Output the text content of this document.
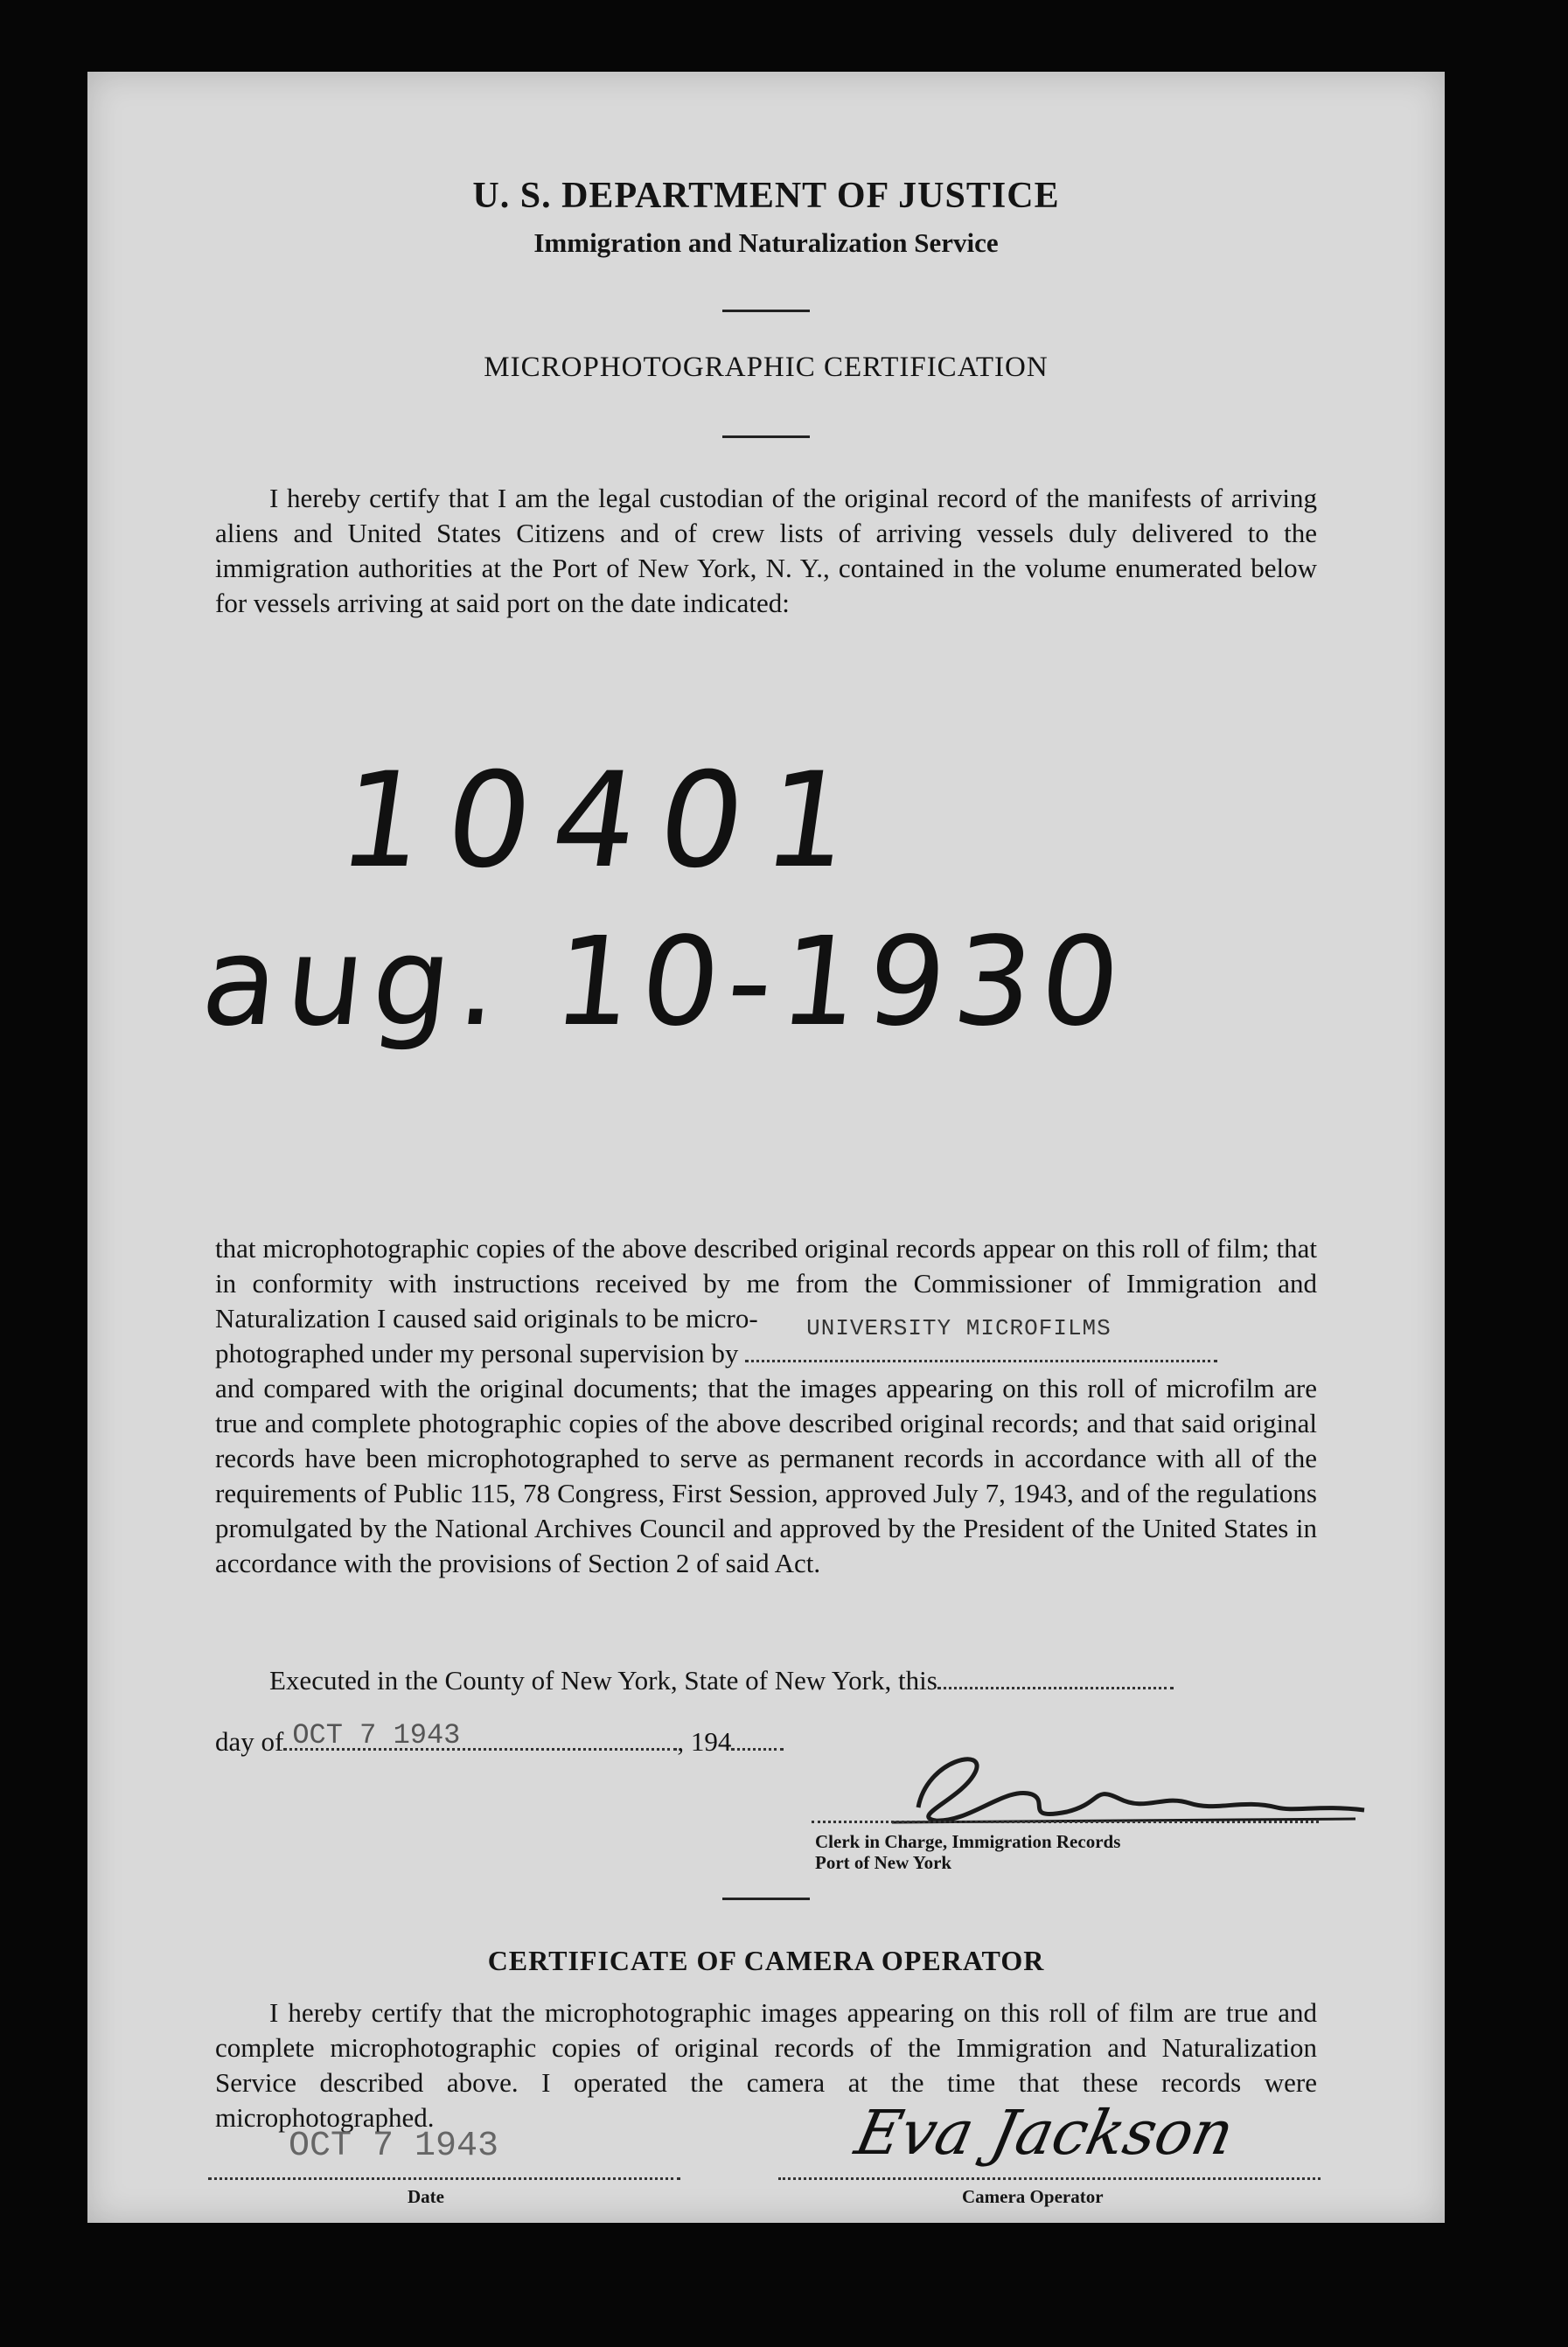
U. S. DEPARTMENT OF JUSTICE
Immigration and Naturalization Service
MICROPHOTOGRAPHIC CERTIFICATION
I hereby certify that I am the legal custodian of the original record of the manifests of arriving aliens and United States Citizens and of crew lists of arriving vessels duly delivered to the immigration authorities at the Port of New York, N. Y., contained in the volume enumerated below for vessels arriving at said port on the date indicated:
10401
aug. 10-1930
that microphotographic copies of the above described original records appear on this roll of film; that in conformity with instructions received by me from the Commissioner of Immigration and Naturalization I caused said originals to be micro-
photographed under my personal supervision by
UNIVERSITY MICROFILMS
and compared with the original documents; that the images appearing on this roll of microfilm are true and complete photographic copies of the above described original records; and that said original records have been microphotographed to serve as permanent records in accordance with all of the requirements of Public 115, 78 Congress, First Session, approved July 7, 1943, and of the regulations promulgated by the National Archives Council and approved by the President of the United States in accordance with the provisions of Section 2 of said Act.
Executed in the County of New York, State of New York, this
day of OCT 7 1943	, 194
Clerk in Charge, Immigration Records
Port of New York
CERTIFICATE OF CAMERA OPERATOR
I hereby certify that the microphotographic images appearing on this roll of film are true and complete microphotographic copies of original records of the Immigration and Naturalization Service described above. I operated the camera at the time that these records were microphotographed.
OCT 7 1943
Date
Eva Jackson
Camera Operator
